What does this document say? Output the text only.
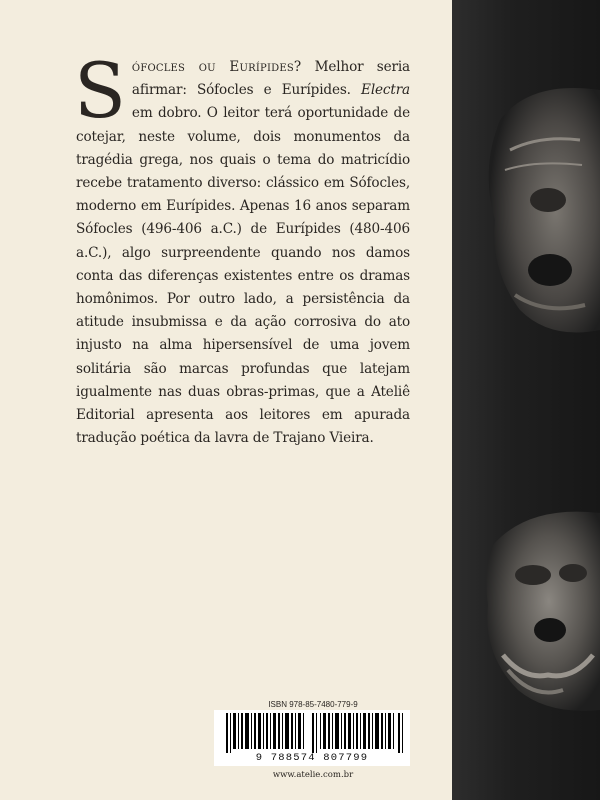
Sófocles ou Eurípides? Melhor seria afirmar: Sófocles e Eurípides. Electra em dobro. O leitor terá oportunidade de cotejar, neste volume, dois monumentos da tragédia grega, nos quais o tema do matricídio recebe tratamento diverso: clássico em Sófocles, moderno em Eurípides. Apenas 16 anos separam Sófocles (496-406 a.C.) de Eurípides (480-406 a.C.), algo surpreendente quando nos damos conta das diferenças existentes entre os dramas homônimos. Por outro lado, a persistência da atitude insubmissa e da ação corrosiva do ato injusto na alma hipersensível de uma jovem solitária são marcas profundas que latejam igualmente nas duas obras-primas, que a Ateliê Editorial apresenta aos leitores em apurada tradução poética da lavra de Trajano Vieira.
ISBN 978-85-7480-779-9
9 788574 807799
www.atelie.com.br
